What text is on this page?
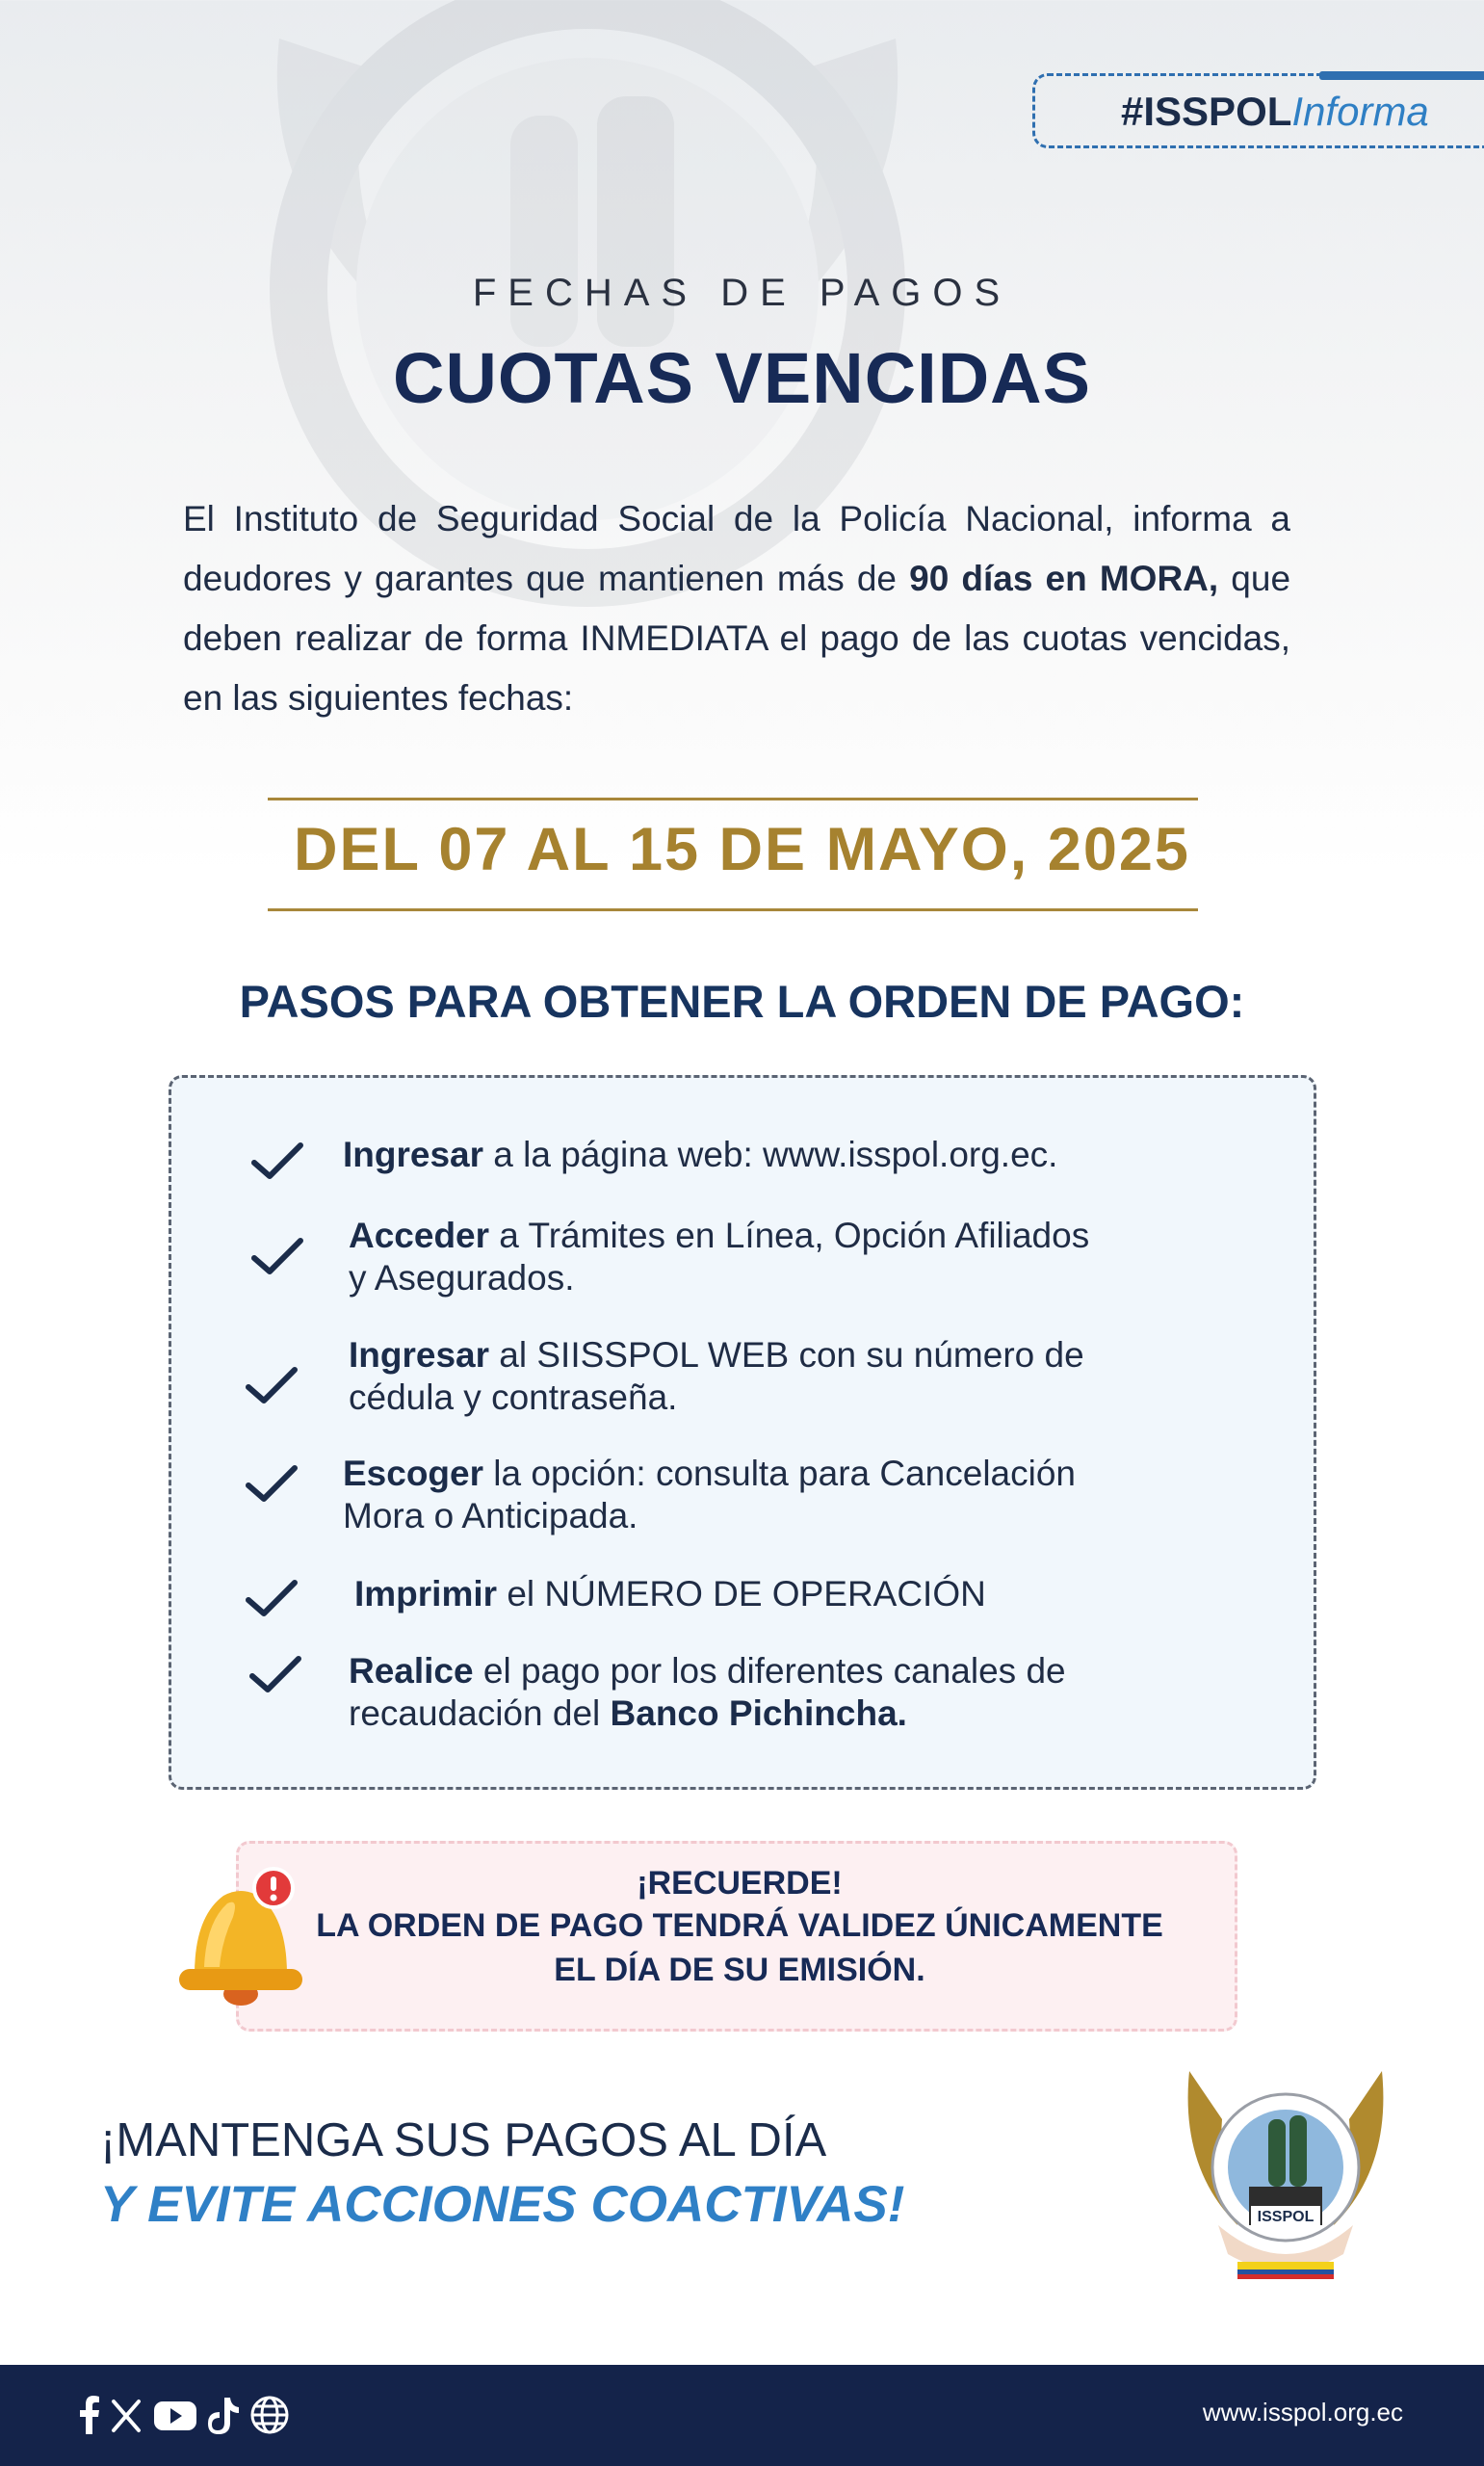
#ISSPOLInforma
FECHAS DE PAGOS
CUOTAS VENCIDAS
El Instituto de Seguridad Social de la Policía Nacional, informa a deudores y garantes que mantienen más de 90 días en MORA, que deben realizar de forma INMEDIATA el pago de las cuotas vencidas, en las siguientes fechas:
DEL 07 AL 15 DE MAYO, 2025
PASOS PARA OBTENER LA ORDEN DE PAGO:
Ingresar a la página web: www.isspol.org.ec.
Acceder a Trámites en Línea, Opción Afiliados
y Asegurados.
Ingresar al SIISSPOL WEB con su número de
cédula y contraseña.
Escoger la opción: consulta para Cancelación
Mora o Anticipada.
Imprimir el NÚMERO DE OPERACIÓN
Realice el pago por los diferentes canales de
recaudación del Banco Pichincha.
¡RECUERDE!
LA ORDEN DE PAGO TENDRÁ VALIDEZ ÚNICAMENTE
EL DÍA DE SU EMISIÓN.
¡MANTENGA SUS PAGOS AL DÍA
Y EVITE ACCIONES COACTIVAS!	ISSPOL
www.isspol.org.ec
